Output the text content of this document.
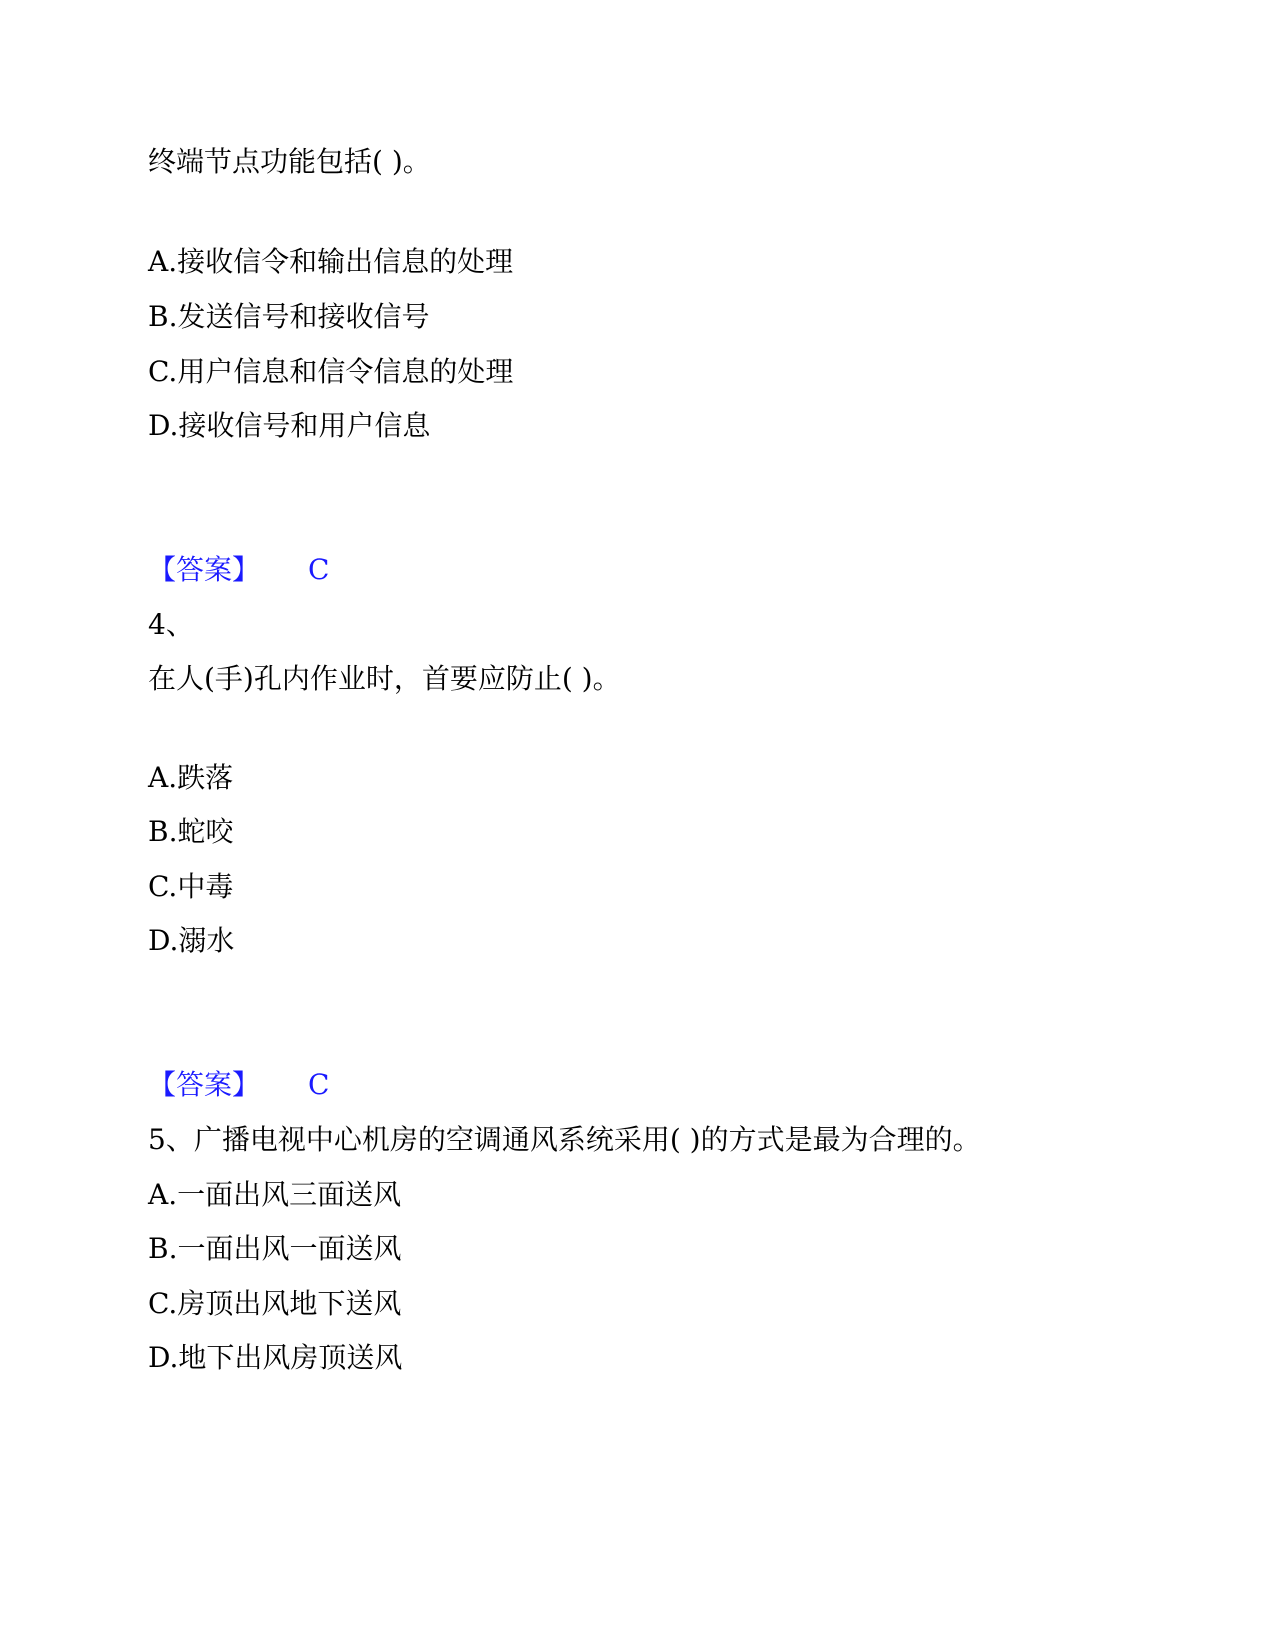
终端节点功能包括( )。
A.接收信令和输出信息的处理
B.发送信号和接收信号
C.用户信息和信令信息的处理
D.接收信号和用户信息
【答案】 C
4、
在人(手)孔内作业时，首要应防止( )。
A.跌落
B.蛇咬
C.中毒
D.溺水
【答案】 C
5、广播电视中心机房的空调通风系统采用( )的方式是最为合理的。
A.一面出风三面送风
B.一面出风一面送风
C.房顶出风地下送风
D.地下出风房顶送风
